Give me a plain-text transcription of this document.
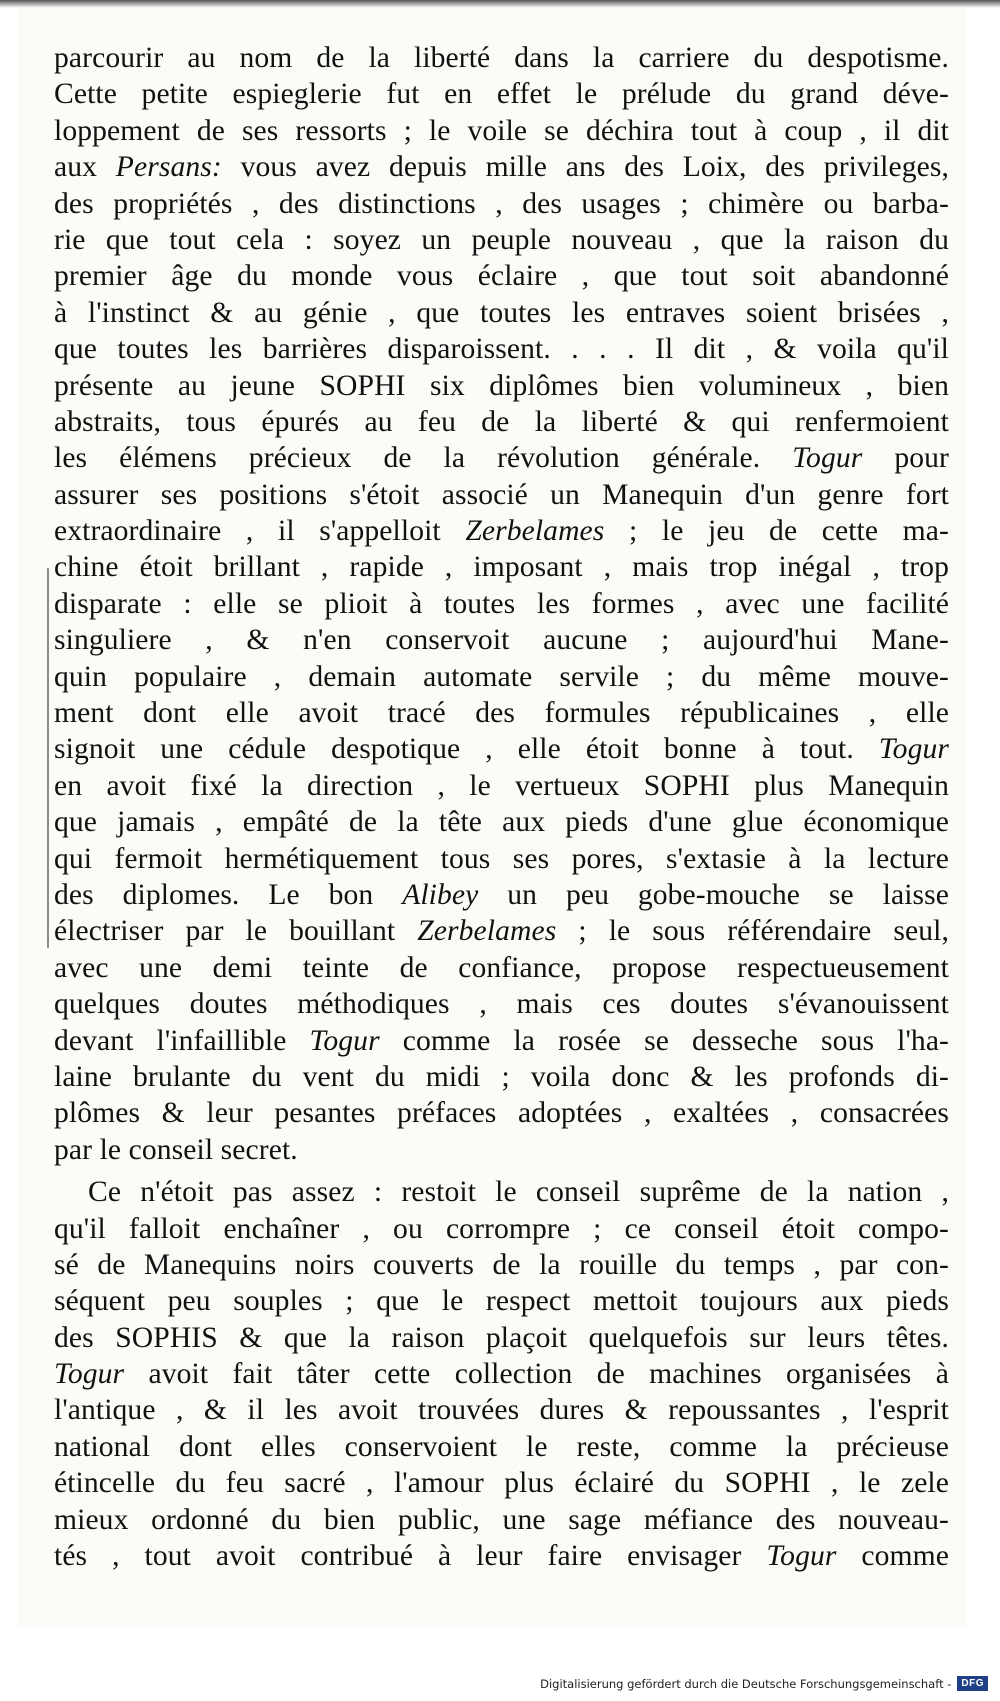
parcourir au nom de la liberté dans la carriere du despotisme.
Cette petite espieglerie fut en effet le prélude du grand déve-
loppement de ses ressorts ; le voile se déchira tout à coup , il dit
aux Persans: vous avez depuis mille ans des Loix, des privileges,
des propriétés , des distinctions , des usages ; chimère ou barba-
rie que tout cela : soyez un peuple nouveau , que la raison du
premier âge du monde vous éclaire , que tout soit abandonné
à l'instinct & au génie , que toutes les entraves soient brisées ,
que toutes les barrières disparoissent. . . . Il dit , & voila qu'il
présente au jeune SOPHI six diplômes bien volumineux , bien
abstraits, tous épurés au feu de la liberté & qui renfermoient
les élémens précieux de la révolution générale. Togur pour
assurer ses positions s'étoit associé un Manequin d'un genre fort
extraordinaire , il s'appelloit Zerbelames ; le jeu de cette ma-
chine étoit brillant , rapide , imposant , mais trop inégal , trop
disparate : elle se plioit à toutes les formes , avec une facilité
singuliere , & n'en conservoit aucune ; aujourd'hui Mane-
quin populaire , demain automate servile ; du même mouve-
ment dont elle avoit tracé des formules républicaines , elle
signoit une cédule despotique , elle étoit bonne à tout. Togur
en avoit fixé la direction , le vertueux SOPHI plus Manequin
que jamais , empâté de la tête aux pieds d'une glue économique
qui fermoit hermétiquement tous ses pores, s'extasie à la lecture
des diplomes. Le bon Alibey un peu gobe-mouche se laisse
électriser par le bouillant Zerbelames ; le sous référendaire seul,
avec une demi teinte de confiance, propose respectueusement
quelques doutes méthodiques , mais ces doutes s'évanouissent
devant l'infaillible Togur comme la rosée se desseche sous l'ha-
laine brulante du vent du midi ; voila donc & les profonds di-
plômes & leur pesantes préfaces adoptées , exaltées , consacrées
par le conseil secret.
Ce n'étoit pas assez : restoit le conseil suprême de la nation ,
qu'il falloit enchaîner , ou corrompre ; ce conseil étoit compo-
sé de Manequins noirs couverts de la rouille du temps , par con-
séquent peu souples ; que le respect mettoit toujours aux pieds
des SOPHIS & que la raison plaçoit quelquefois sur leurs têtes.
Togur avoit fait tâter cette collection de machines organisées à
l'antique , & il les avoit trouvées dures & repoussantes , l'esprit
national dont elles conservoient le reste, comme la précieuse
étincelle du feu sacré , l'amour plus éclairé du SOPHI , le zele
mieux ordonné du bien public, une sage méfiance des nouveau-
tés , tout avoit contribué à leur faire envisager Togur comme
Digitalisierung gefördert durch die Deutsche Forschungsgemeinschaft -	DFG
